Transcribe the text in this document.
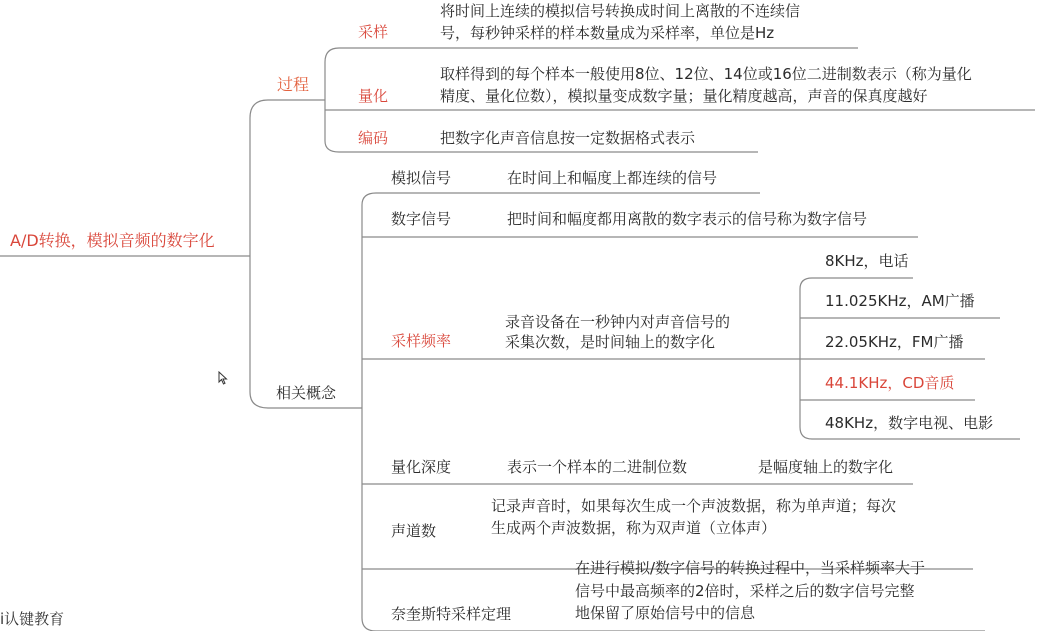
A/D转换，模拟音频的数字化
过程
采样
将时间上连续的模拟信号转换成时间上离散的不连续信
号，每秒钟采样的样本数量成为采样率，单位是Hz
量化
取样得到的每个样本一般使用8位、12位、14位或16位二进制数表示（称为量化
精度、量化位数），模拟量变成数字量；量化精度越高，声音的保真度越好
编码	把数字化声音信息按一定数据格式表示
相关概念
模拟信号	在时间上和幅度上都连续的信号
数字信号	把时间和幅度都用离散的数字表示的信号称为数字信号
采样频率
录音设备在一秒钟内对声音信号的
采集次数，是时间轴上的数字化
8KHz，电话
11.025KHz，AM广播
22.05KHz，FM广播
44.1KHz，CD音质
48KHz，数字电视、电影
量化深度	表示一个样本的二进制位数	是幅度轴上的数字化
声道数
记录声音时，如果每次生成一个声波数据，称为单声道；每次
生成两个声波数据，称为双声道（立体声）
奈奎斯特采样定理
在进行模拟/数字信号的转换过程中，当采样频率大于
信号中最高频率的2倍时，采样之后的数字信号完整
地保留了原始信号中的信息
i认键教育
